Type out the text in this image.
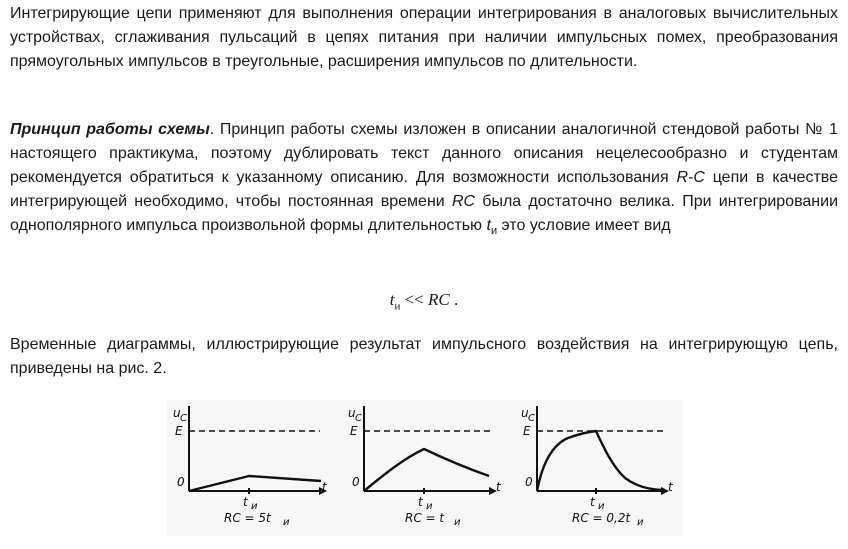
Интегрирующие цепи применяют для выполнения операции интегрирования в аналоговых вычислительных устройствах, сглаживания пульсаций в цепях питания при наличии импульсных помех, преобразования прямоугольных импульсов в треугольные, расширения импульсов по длительности.

Принцип работы схемы. Принцип работы схемы изложен в описании аналогичной стендовой работы № 1 настоящего практикума, поэтому дублировать текст данного описания нецелесообразно и студентам рекомендуется обратиться к указанному описанию. Для возможности использования R-C цепи в качестве интегрирующей необходимо, чтобы постоянная времени RC была достаточно велика. При интегрировании однополярного импульса произвольной формы длительностью $t_и$ это условие имеет вид

$t_и$ << RC .

Временные диаграммы, иллюстрирующие результат импульсного воздействия на интегрирующую цепь, приведены на рис. 2.

u C
E
0	t
t и
RC = 5t и
u C
E
0	t
t и
RC = t и
u C
E
0	t
t и
RC = 0,2t и
